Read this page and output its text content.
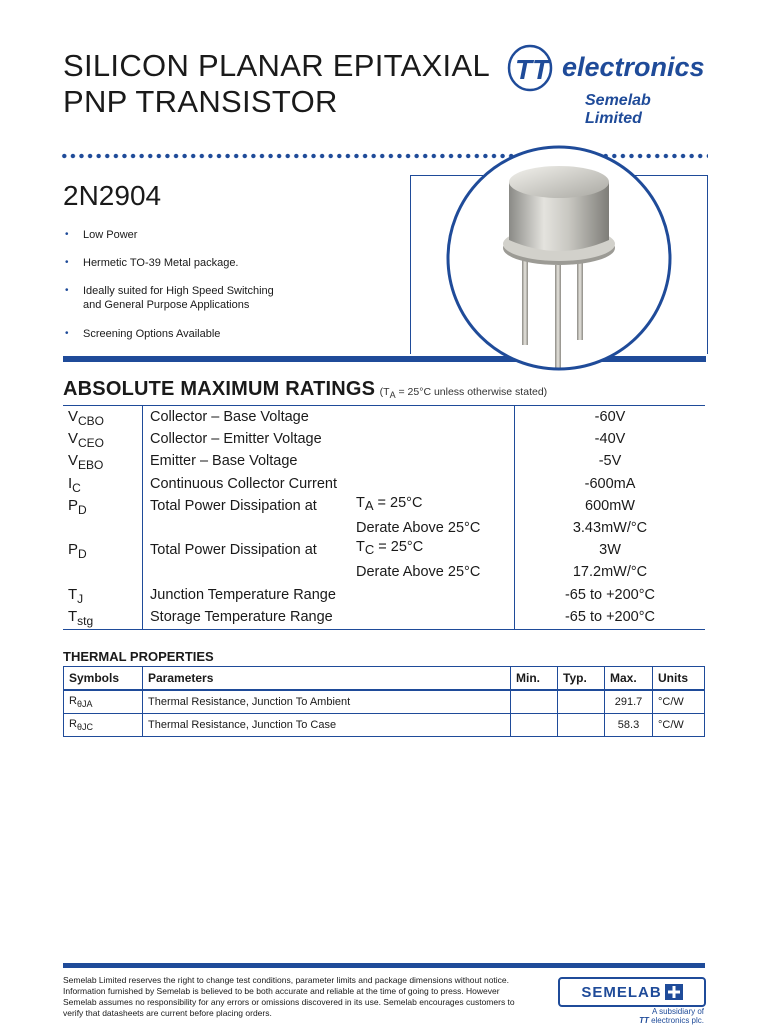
SILICON PLANAR EPITAXIAL
PNP TRANSISTOR
TT electronics
Semelab Limited
2N2904
• Low Power
• Hermetic TO-39 Metal package.
• Ideally suited for High Speed Switching
and General Purpose Applications
• Screening Options Available
ABSOLUTE MAXIMUM RATINGS ($T_A = 25^\circ C$ unless otherwise stated)
$V_{CBO}$	Collector – Base Voltage	-60V
$V_{CEO}$	Collector – Emitter Voltage	-40V
$V_{EBO}$	Emitter – Base Voltage	-5V
$I_C$	Continuous Collector Current	-600mA
$P_D$	Total Power Dissipation at	$T_A = 25^\circ C$	600mW
Derate Above 25°C	3.43mW/°C
$P_D$	Total Power Dissipation at	$T_C = 25^\circ C$	3W
Derate Above 25°C	17.2mW/°C
$T_J$	Junction Temperature Range	-65 to +200°C
$T_{stg}$	Storage Temperature Range	-65 to +200°C
THERMAL PROPERTIES
Symbols	Parameters	Min.	Typ.	Max.	Units
$R_{\theta JA}$	Thermal Resistance, Junction To Ambient			291.7	°C/W
$R_{\theta JC}$	Thermal Resistance, Junction To Case			58.3	°C/W
Semelab Limited reserves the right to change test conditions, parameter limits and package dimensions without notice.
Information furnished by Semelab is believed to be both accurate and reliable at the time of going to press. However
Semelab assumes no responsibility for any errors or omissions discovered in its use. Semelab encourages customers to
verify that datasheets are current before placing orders.
SEMELAB
A subsidiary of
TT electronics plc.
